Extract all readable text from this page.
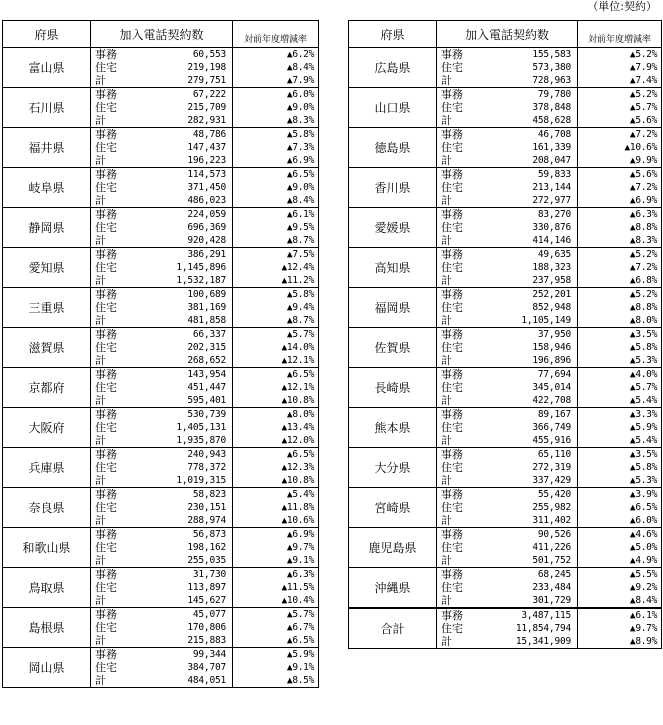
（単位:契約）
府県	加入電話契約数		対前年度増減率
富山県	事務	60,553	▲6.2%
	住宅	219,198	▲8.4%
	計	279,751	▲7.9%
石川県	事務	67,222	▲6.0%
	住宅	215,709	▲9.0%
	計	282,931	▲8.3%
福井県	事務	48,786	▲5.8%
	住宅	147,437	▲7.3%
	計	196,223	▲6.9%
岐阜県	事務	114,573	▲6.5%
	住宅	371,450	▲9.0%
	計	486,023	▲8.4%
静岡県	事務	224,059	▲6.1%
	住宅	696,369	▲9.5%
	計	920,428	▲8.7%
愛知県	事務	386,291	▲7.5%
	住宅	1,145,896	▲12.4%
	計	1,532,187	▲11.2%
三重県	事務	100,689	▲5.8%
	住宅	381,169	▲9.4%
	計	481,858	▲8.7%
滋賀県	事務	66,337	▲5.7%
	住宅	202,315	▲14.0%
	計	268,652	▲12.1%
京都府	事務	143,954	▲6.5%
	住宅	451,447	▲12.1%
	計	595,401	▲10.8%
大阪府	事務	530,739	▲8.0%
	住宅	1,405,131	▲13.4%
	計	1,935,870	▲12.0%
兵庫県	事務	240,943	▲6.5%
	住宅	778,372	▲12.3%
	計	1,019,315	▲10.8%
奈良県	事務	58,823	▲5.4%
	住宅	230,151	▲11.8%
	計	288,974	▲10.6%
和歌山県	事務	56,873	▲6.9%
	住宅	198,162	▲9.7%
	計	255,035	▲9.1%
鳥取県	事務	31,730	▲6.3%
	住宅	113,897	▲11.5%
	計	145,627	▲10.4%
島根県	事務	45,077	▲5.7%
	住宅	170,806	▲6.7%
	計	215,883	▲6.5%
岡山県	事務	99,344	▲5.9%
	住宅	384,707	▲9.1%
	計	484,051	▲8.5%
府県	加入電話契約数		対前年度増減率
広島県	事務	155,583	▲5.2%
	住宅	573,380	▲7.9%
	計	728,963	▲7.4%
山口県	事務	79,780	▲5.2%
	住宅	378,848	▲5.7%
	計	458,628	▲5.6%
徳島県	事務	46,708	▲7.2%
	住宅	161,339	▲10.6%
	計	208,047	▲9.9%
香川県	事務	59,833	▲5.6%
	住宅	213,144	▲7.2%
	計	272,977	▲6.9%
愛媛県	事務	83,270	▲6.3%
	住宅	330,876	▲8.8%
	計	414,146	▲8.3%
高知県	事務	49,635	▲5.2%
	住宅	188,323	▲7.2%
	計	237,958	▲6.8%
福岡県	事務	252,201	▲5.2%
	住宅	852,948	▲8.8%
	計	1,105,149	▲8.0%
佐賀県	事務	37,950	▲3.5%
	住宅	158,946	▲5.8%
	計	196,896	▲5.3%
長崎県	事務	77,694	▲4.0%
	住宅	345,014	▲5.7%
	計	422,708	▲5.4%
熊本県	事務	89,167	▲3.3%
	住宅	366,749	▲5.9%
	計	455,916	▲5.4%
大分県	事務	65,110	▲3.5%
	住宅	272,319	▲5.8%
	計	337,429	▲5.3%
宮崎県	事務	55,420	▲3.9%
	住宅	255,982	▲6.5%
	計	311,402	▲6.0%
鹿児島県	事務	90,526	▲4.6%
	住宅	411,226	▲5.0%
	計	501,752	▲4.9%
沖縄県	事務	68,245	▲5.5%
	住宅	233,484	▲9.2%
	計	301,729	▲8.4%
合計	事務	3,487,115	▲6.1%
	住宅	11,854,794	▲9.7%
	計	15,341,909	▲8.9%
